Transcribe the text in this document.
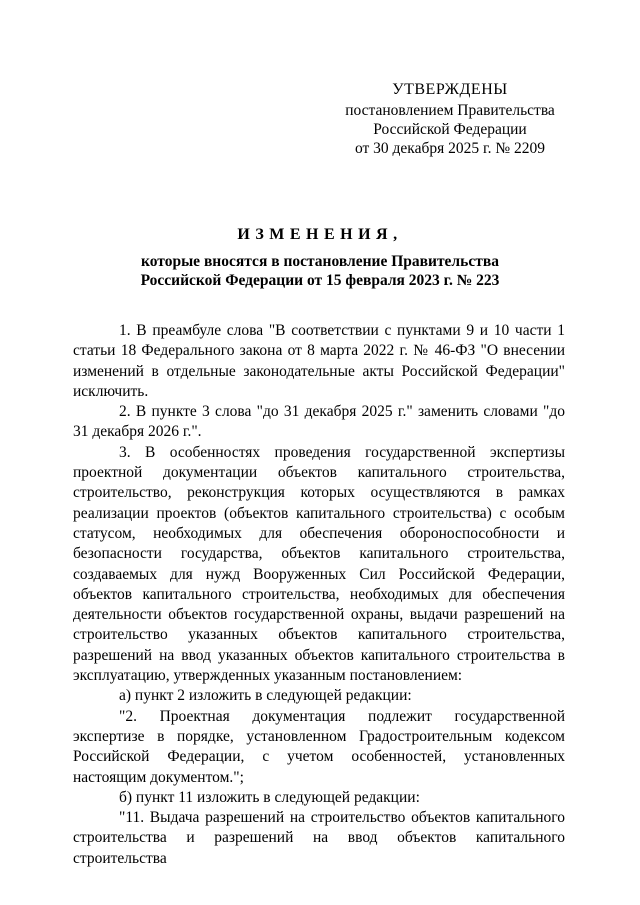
УТВЕРЖДЕНЫ
постановлением Правительства
Российской Федерации
от 30 декабря 2025 г. № 2209
ИЗМЕНЕНИЯ,
которые вносятся в постановление Правительства
Российской Федерации от 15 февраля 2023 г. № 223

1. В преамбуле слова "В соответствии с пунктами 9 и 10 части 1 статьи 18 Федерального закона от 8 марта 2022 г. № 46-ФЗ "О внесении изменений в отдельные законодательные акты Российской Федерации" исключить.

2. В пункте 3 слова "до 31 декабря 2025 г." заменить словами "до 31 декабря 2026 г.".

3. В особенностях проведения государственной экспертизы проектной документации объектов капитального строительства, строительство, реконструкция которых осуществляются в рамках реализации проектов (объектов капитального строительства) с особым статусом, необходимых для обеспечения обороноспособности и безопасности государства, объектов капитального строительства, создаваемых для нужд Вооруженных Сил Российской Федерации, объектов капитального строительства, необходимых для обеспечения деятельности объектов государственной охраны, выдачи разрешений на строительство указанных объектов капитального строительства, разрешений на ввод указанных объектов капитального строительства в эксплуатацию, утвержденных указанным постановлением:

а) пункт 2 изложить в следующей редакции:

"2. Проектная документация подлежит государственной экспертизе в порядке, установленном Градостроительным кодексом Российской Федерации, с учетом особенностей, установленных настоящим документом.";

б) пункт 11 изложить в следующей редакции:

"11. Выдача разрешений на строительство объектов капитального строительства и разрешений на ввод объектов капитального строительства
